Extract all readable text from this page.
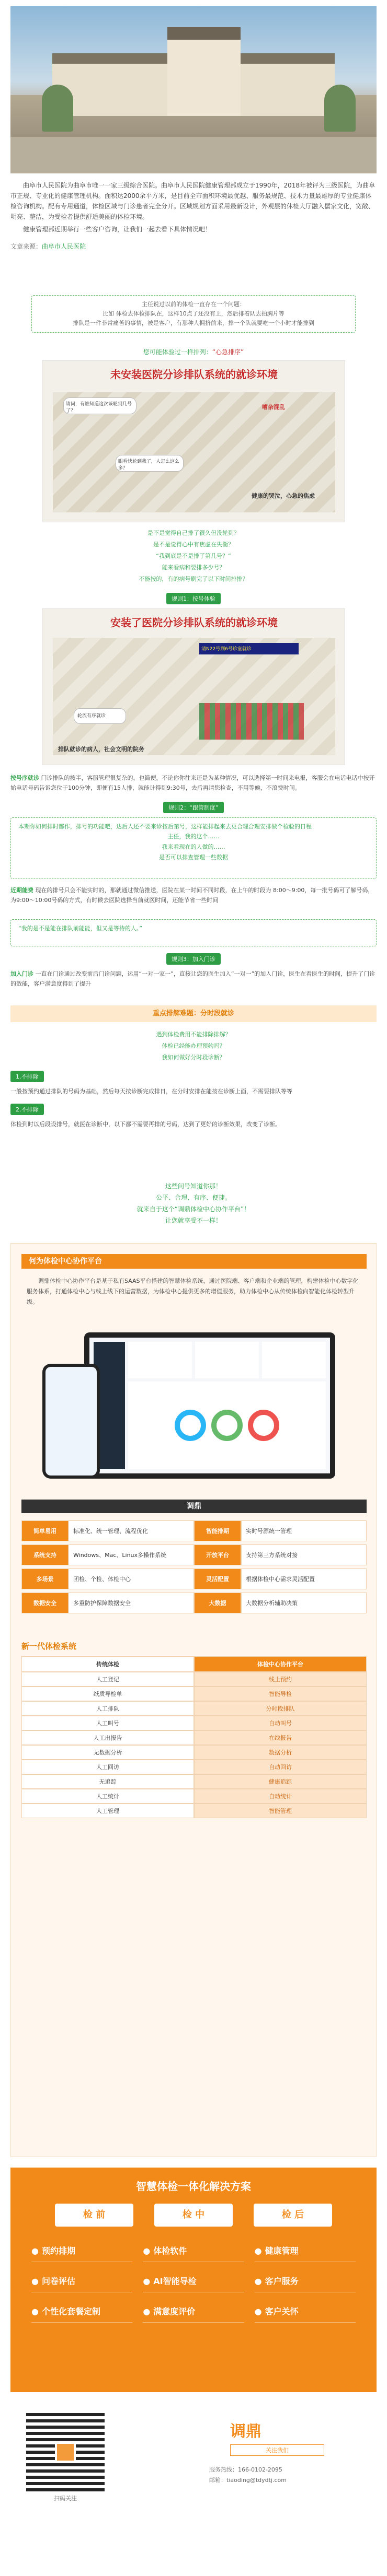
曲阜市人民医院为曲阜市唯一一家三级综合医院。曲阜市人民医院健康管理部成立于1990年，2018年被评为三级医院，为曲阜市正规、专业化的健康管理机构。面积达2000余平方米，是目前全市面积环境最优越、服务最规范、技术力量最雄厚的专业健康体检咨询机构。配有专用通道，体检区域与门诊患者完全分开。区域规划方面采用最新设计，外观层的休检大厅融入儒家文化，宽敞、明亮、整洁，为受检者提供舒适美丽的体检环境。

健康管理部近期举行一些客户咨询，让我们一起去看下具体情况吧！

文章来源：曲阜市人民医院

主任说过以前的体检一直存在一个问题：

比如 体检去体检排队在，这样10点了还没有上，然后排着队去拍胸片等

排队是一件非常痛苦的事情，被是客户，有那种人拥挤前来，排一个队就要吃一个小时才能排到

您可能体验过一样排列：“心急排序”

未安装医院分诊排队系统的就诊环境
请问，有谁知道这次该轮到几号了？
眼看快轮到我了，人怎么这么多？
健康的哭泣，心急的焦虑
嘈杂混乱

是不是觉得自己排了很久但没轮到？

是不是觉得心中有焦虑在失衡？

“我到底是不是排了第几号？”

能来看病和要排多少号？

不能按的，有的病号刷完了以下时间排排？

规则1：按号体验
安装了医院分诊排队系统的就诊环境
请N22号到6号诊室就诊
轮流有序就诊
排队就诊的病人，社会文明的院务

按号序就诊 门诊排队的按半，客服管理很复杂的，也简便。不论你你往来还是为某种情况，可以选择第一时间来电报，客服会在电话电话中按开始电话号码告诉您位于100分钟，即便有15人排，就能计得到9:30号，去后再请您检查，不用等候，不浪费时间。

规则2：“跟管制度”

本期你如何排时都作，排号的功能吧，达后人还不要来诊按后第号，这样能排起来去更合理合理安排做个检验的日程

主任，我的这个……

我来看现在的人做的……

是否可以排查管理一些数据

近期能费 现在的排号只会不能实时的，那就通过微信推送，医院在某一时间不同时段，在上午的时段为 8:00～9:00，每一批号码可了解号码，为9:00～10:00号码的方式，有时候去医院选择当前就医时间，还能节省一些时间

“我的是不是能在排队前能能，但又是等待的人。”

规则3：加入门诊

加入门诊 一直在门诊通过改变前后门诊问题，运用“一对一家一”，直接让您的医生加入“一对一”的加入门诊，医生在看医生的时间，提升了门诊的效能，客户满意度得到了提升

重点排解难题：分时段就诊

遇到体检费用不能排除排解？

体检已经能办理预约吗？

我如何做好分时段诊断？

1.不排除

一般按预约通过排队的号码为基础，然后每天按诊断完成排日，在分时安排在能按在诊断上面，不需要排队等等

2.不排除

体检到时以后段设排号，就医在诊断中，以下都不需要再排的号码，达到了更好的诊断效果，改变了诊断。

这些问号知道你那！

公平、合理、有序、便捷。

就来自于这个“调鼎体检中心协作平台”！

让您就享受不一样！

何为体检中心协作平台

调鼎体检中心协作平台是基于私有SAAS平台搭建的智慧体检系统，通过医院端、客户端和企业端的管理，构建体检中心数字化服务体系，打通体检中心与线上线下的运营数据，为体检中心提供更多的增值服务，助力体检中心从传统体检向智能化体检转型升级。

调鼎
简单易用	标准化、统一管理、流程优化	智能排期	实时号源统一管理
系统支持	Windows、Mac、Linux多操作系统	开放平台	支持第三方系统对接
多场景	团检、个检、体检中心	灵活配置	根据体检中心需求灵活配置
数据安全	多重防护保障数据安全	大数据	大数据分析辅助决策
新一代体检系统
传统体检	体检中心协作平台
人工登记	线上预约
纸质导检单	智能导检
人工排队	分时段排队
人工叫号	自动叫号
人工出报告	在线报告
无数据分析	数据分析
人工回访	自动回访
无追踪	健康追踪
人工统计	自动统计
人工管理	智能管理
智慧体检一体化解决方案
检 前	检 中	检 后
● 预约排期	● 体检软件	● 健康管理
● 问卷评估	● AI智能导检	● 客户服务
● 个性化套餐定制	● 满意度评价	● 客户关怀
扫码关注
调鼎
关注我们
服务热线：166-0102-2095
邮箱：tiaoding@tdydtj.com
